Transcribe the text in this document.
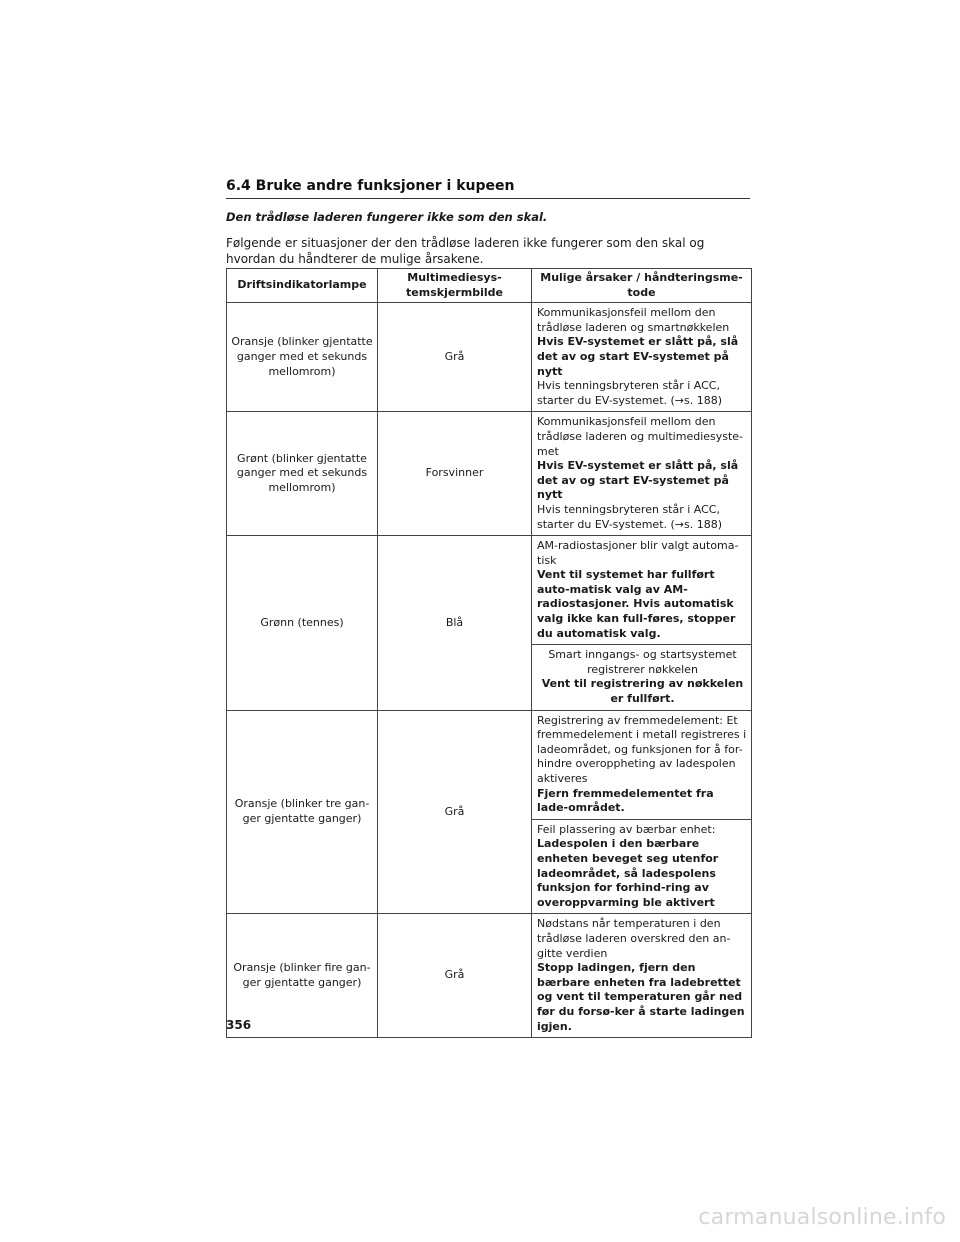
6.4 Bruke andre funksjoner i kupeen
Den trådløse laderen fungerer ikke som den skal.
Følgende er situasjoner der den trådløse laderen ikke fungerer som den skal og hvordan du håndterer de mulige årsakene.
Driftsindikatorlampe	Multimediesys-temskjermbilde	Mulige årsaker / håndteringsme-tode
Oransje (blinker gjentatte ganger med et sekunds mellomrom)	Grå	Kommunikasjonsfeil mellom den trådløse laderen og smartnøkkelen
Hvis EV-systemet er slått på, slå det av og start EV-systemet på nytt
Hvis tenningsbryteren står i ACC, starter du EV-systemet. (→s. 188)

Grønt (blinker gjentatte ganger med et sekunds mellomrom)	Forsvinner	Kommunikasjonsfeil mellom den trådløse laderen og multimediesyste-met
Hvis EV-systemet er slått på, slå det av og start EV-systemet på nytt
Hvis tenningsbryteren står i ACC, starter du EV-systemet. (→s. 188)

Grønn (tennes)	Blå	AM-radiostasjoner blir valgt automa-tisk
Vent til systemet har fullført auto-matisk valg av AM-radiostasjoner. Hvis automatisk valg ikke kan full-føres, stopper du automatisk valg.

		Smart inngangs- og startsystemet registrerer nøkkelen
Vent til registrering av nøkkelen er fullført.

Oransje (blinker tre gan-ger gjentatte ganger)	Grå	Registrering av fremmedelement: Et fremmedelement i metall registreres i ladeområdet, og funksjonen for å for-hindre overoppheting av ladespolen aktiveres
Fjern fremmedelementet fra lade-området.

		Feil plassering av bærbar enhet:
Ladespolen i den bærbare enheten beveget seg utenfor ladeområdet, så ladespolens funksjon for forhind-ring av overoppvarming ble aktivert

Oransje (blinker fire gan-ger gjentatte ganger)	Grå	Nødstans når temperaturen i den trådløse laderen overskred den an-gitte verdien
Stopp ladingen, fjern den bærbare enheten fra ladebrettet og vent til temperaturen går ned før du forsø-ker å starte ladingen igjen.
356
carmanualsonline.info
